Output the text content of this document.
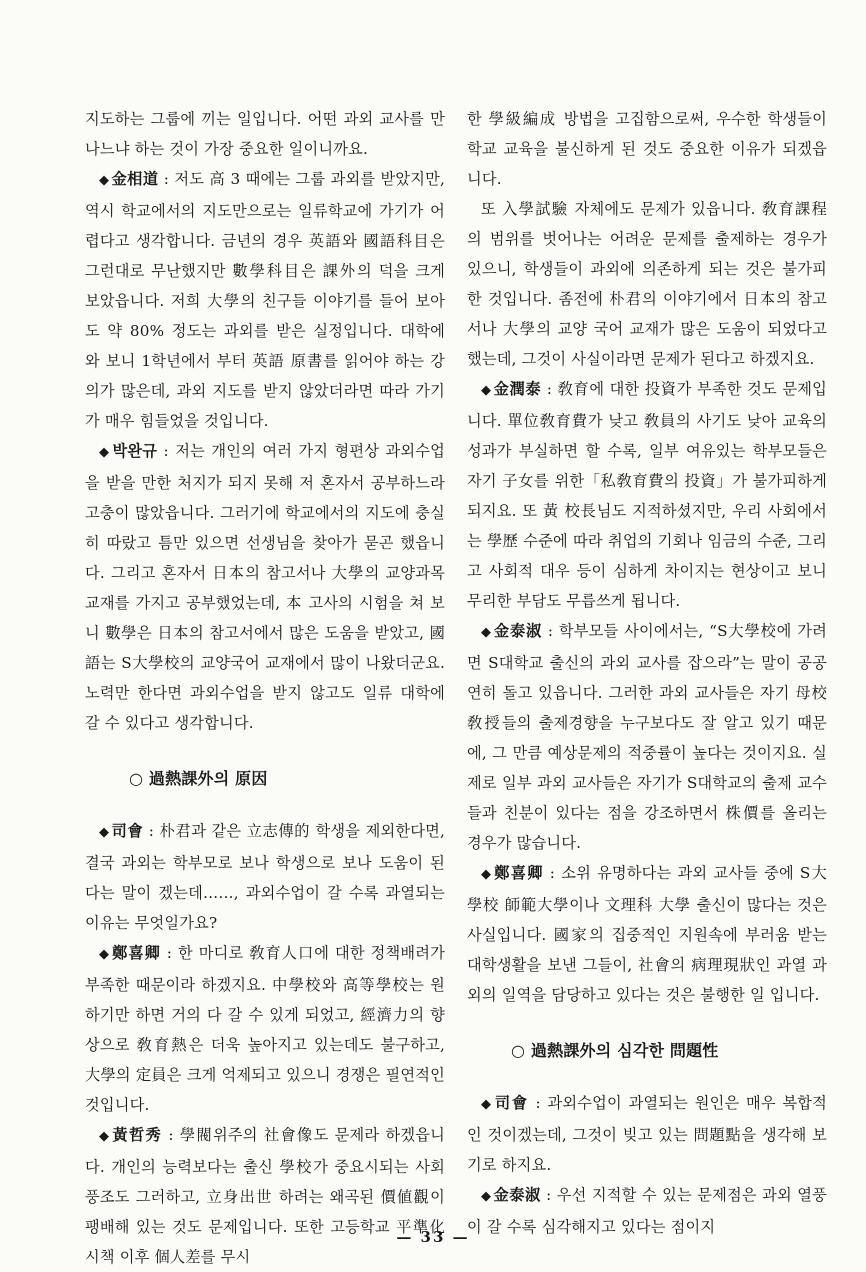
지도하는 그룹에 끼는 일입니다. 어떤 과외 교사를 만나느냐 하는 것이 가장 중요한 일이니까요.

◆ 金相道 : 저도 高 3 때에는 그룹 과외를 받았지만, 역시 학교에서의 지도만으로는 일류학교에 가기가 어렵다고 생각합니다. 금년의 경우 英語와 國語科目은 그런대로 무난했지만 數學科目은 課外의 덕을 크게 보았읍니다. 저희 大學의 친구들 이야기를 들어 보아도 약 80% 정도는 과외를 받은 실정입니다. 대학에 와 보니 1학년에서 부터 英語 原書를 읽어야 하는 강의가 많은데, 과외 지도를 받지 않았더라면 따라 가기가 매우 힘들었을 것입니다.

◆ 박완규 : 저는 개인의 여러 가지 형편상 과외수업을 받을 만한 처지가 되지 못해 저 혼자서 공부하느라 고충이 많았읍니다. 그러기에 학교에서의 지도에 충실히 따랐고 틈만 있으면 선생님을 찾아가 묻곤 했읍니다. 그리고 혼자서 日本의 참고서나 大學의 교양과목 교재를 가지고 공부했었는데, 本 고사의 시험을 쳐 보니 數學은 日本의 참고서에서 많은 도움을 받았고, 國語는 S大學校의 교양국어 교재에서 많이 나왔더군요. 노력만 한다면 과외수업을 받지 않고도 일류 대학에 갈 수 있다고 생각합니다.

○ 過熱課外의 原因

◆ 司會 : 朴君과 같은 立志傳的 학생을 제외한다면, 결국 과외는 학부모로 보나 학생으로 보나 도움이 된다는 말이 겠는데……, 과외수업이 갈 수록 과열되는 이유는 무엇일가요?

◆ 鄭喜卿 : 한 마디로 敎育人口에 대한 정책배려가 부족한 때문이라 하겠지요. 中學校와 高等學校는 원하기만 하면 거의 다 갈 수 있게 되었고, 經濟力의 향상으로 敎育熱은 더욱 높아지고 있는데도 불구하고, 大學의 定員은 크게 억제되고 있으니 경쟁은 필연적인 것입니다.

◆ 黃哲秀 : 學閥위주의 社會像도 문제라 하겠읍니다. 개인의 능력보다는 출신 學校가 중요시되는 사회 풍조도 그러하고, 立身出世 하려는 왜곡된 價値觀이 팽배해 있는 것도 문제입니다. 또한 고등학교 平準化 시책 이후 個人差를 무시

한 學級編成 방법을 고집함으로써, 우수한 학생들이 학교 교육을 불신하게 된 것도 중요한 이유가 되겠읍니다.

또 入學試驗 자체에도 문제가 있읍니다. 敎育課程의 범위를 벗어나는 어려운 문제를 출제하는 경우가 있으니, 학생들이 과외에 의존하게 되는 것은 불가피한 것입니다. 좀전에 朴君의 이야기에서 日本의 참고서나 大學의 교양 국어 교재가 많은 도움이 되었다고 했는데, 그것이 사실이라면 문제가 된다고 하겠지요.

◆ 金潤泰 : 敎育에 대한 投資가 부족한 것도 문제입니다. 單位敎育費가 낮고 敎員의 사기도 낮아 교육의 성과가 부실하면 할 수록, 일부 여유있는 학부모들은 자기 子女를 위한「私敎育費의 投資」가 불가피하게 되지요. 또 黃 校長님도 지적하셨지만, 우리 사회에서는 學歷 수준에 따라 취업의 기회나 임금의 수준, 그리고 사회적 대우 등이 심하게 차이지는 현상이고 보니 무리한 부담도 무릅쓰게 됩니다.

◆ 金泰淑 : 학부모들 사이에서는, “S大學校에 가려면 S대학교 출신의 과외 교사를 잡으라”는 말이 공공연히 돌고 있읍니다. 그러한 과외 교사들은 자기 母校 敎授들의 출제경향을 누구보다도 잘 알고 있기 때문에, 그 만큼 예상문제의 적중률이 높다는 것이지요. 실제로 일부 과외 교사들은 자기가 S대학교의 출제 교수들과 친분이 있다는 점을 강조하면서 株價를 올리는 경우가 많습니다.

◆ 鄭喜卿 : 소위 유명하다는 과외 교사들 중에 S大學校 師範大學이나 文理科 大學 출신이 많다는 것은 사실입니다. 國家의 집중적인 지원속에 부러움 받는 대학생활을 보낸 그들이, 社會의 病理現狀인 과열 과외의 일역을 담당하고 있다는 것은 불행한 일 입니다.

○ 過熱課外의 심각한 問題性

◆ 司會 : 과외수업이 과열되는 원인은 매우 복합적인 것이겠는데, 그것이 빚고 있는 問題點을 생각해 보기로 하지요.

◆ 金泰淑 : 우선 지적할 수 있는 문제점은 과외 열풍이 갈 수록 심각해지고 있다는 점이지

— 33 —
